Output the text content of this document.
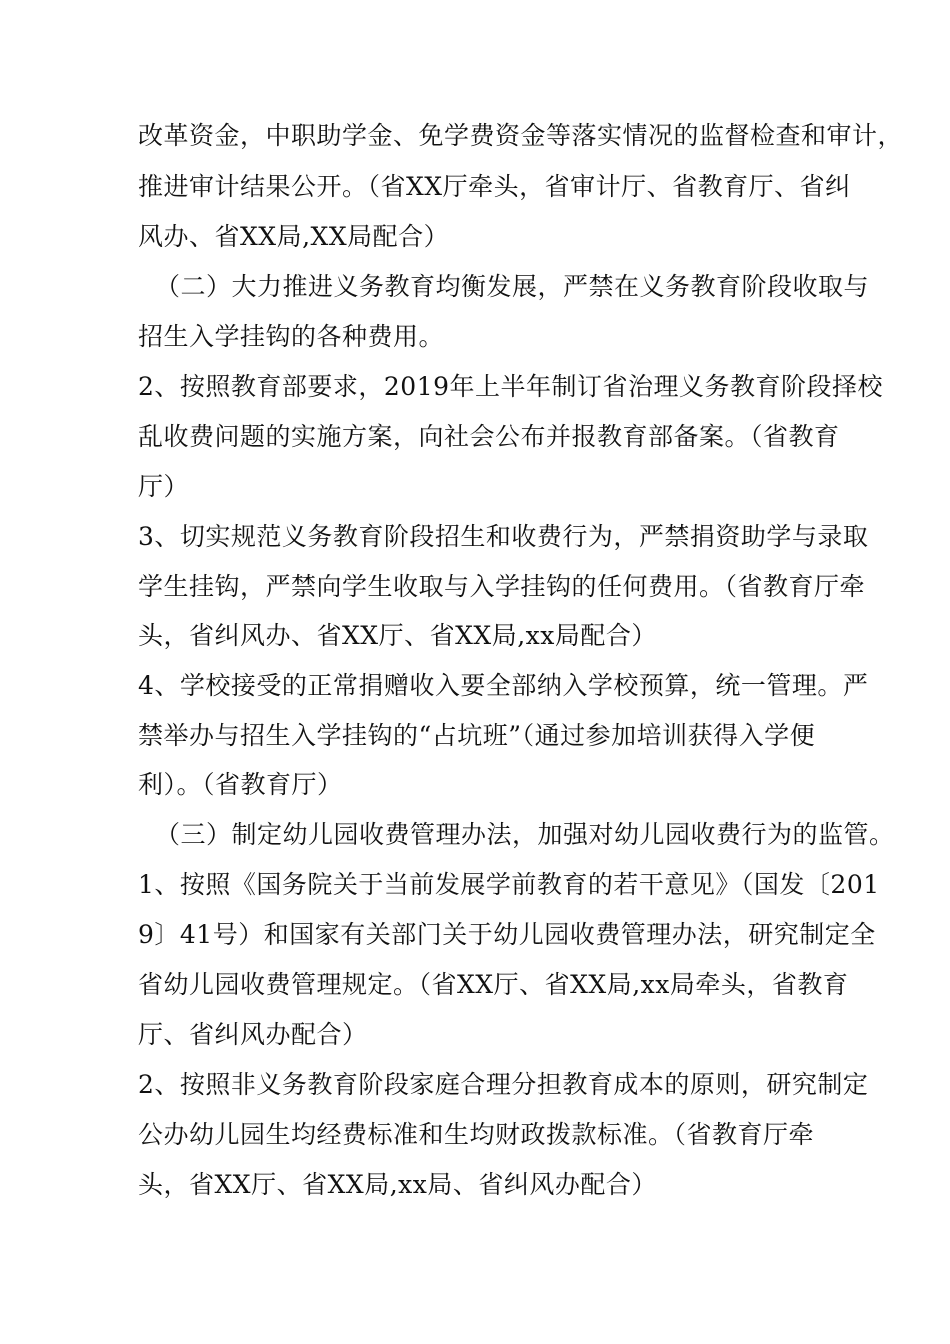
改革资金，中职助学金、免学费资金等落实情况的监督检查和审计，
推进审计结果公开。（省XX厅牵头，省审计厅、省教育厅、省纠
风办、省XX局,XX局配合）
（二）大力推进义务教育均衡发展，严禁在义务教育阶段收取与
招生入学挂钩的各种费用。
2、按照教育部要求，2019年上半年制订省治理义务教育阶段择校
乱收费问题的实施方案，向社会公布并报教育部备案。（省教育
厅）
3、切实规范义务教育阶段招生和收费行为，严禁捐资助学与录取
学生挂钩，严禁向学生收取与入学挂钩的任何费用。（省教育厅牵
头，省纠风办、省XX厅、省XX局,xx局配合）
4、学校接受的正常捐赠收入要全部纳入学校预算，统一管理。严
禁举办与招生入学挂钩的“占坑班”（通过参加培训获得入学便
利）。（省教育厅）
（三）制定幼儿园收费管理办法，加强对幼儿园收费行为的监管。
1、按照《国务院关于当前发展学前教育的若干意见》（国发〔201
9〕41号）和国家有关部门关于幼儿园收费管理办法，研究制定全
省幼儿园收费管理规定。（省XX厅、省XX局,xx局牵头，省教育
厅、省纠风办配合）
2、按照非义务教育阶段家庭合理分担教育成本的原则，研究制定
公办幼儿园生均经费标准和生均财政拨款标准。（省教育厅牵
头，省XX厅、省XX局,xx局、省纠风办配合）
